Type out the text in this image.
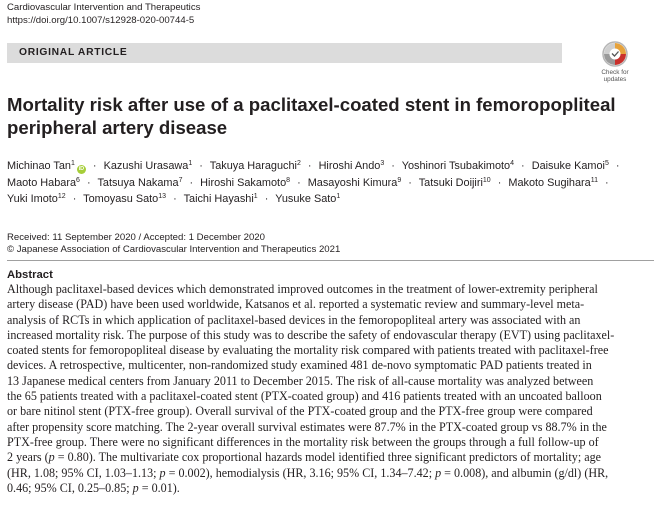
Cardiovascular Intervention and Therapeutics
https://doi.org/10.1007/s12928-020-00744-5
ORIGINAL ARTICLE
Check for
updates
Mortality risk after use of a paclitaxel-coated stent in femoropopliteal peripheral artery disease
Michinao Tan$^1$iD · Kazushi Urasawa$^1$ · Takuya Haraguchi$^2$ · Hiroshi Ando$^3$ · Yoshinori Tsubakimoto$^4$ · Daisuke Kamoi$^5$ · Maoto Habara$^6$ · Tatsuya Nakama$^7$ · Hiroshi Sakamoto$^8$ · Masayoshi Kimura$^9$ · Tatsuki Doijiri$^{10}$ · Makoto Sugihara$^{11}$ · Yuki Imoto$^{12}$ · Tomoyasu Sato$^{13}$ · Taichi Hayashi$^1$ · Yusuke Sato$^1$
Received: 11 September 2020 / Accepted: 1 December 2020
© Japanese Association of Cardiovascular Intervention and Therapeutics 2021
Abstract
Although paclitaxel-based devices which demonstrated improved outcomes in the treatment of lower-extremity peripheral
artery disease (PAD) have been used worldwide, Katsanos et al. reported a systematic review and summary-level meta-
analysis of RCTs in which application of paclitaxel-based devices in the femoropopliteal artery was associated with an
increased mortality risk. The purpose of this study was to describe the safety of endovascular therapy (EVT) using paclitaxel-
coated stents for femoropopliteal disease by evaluating the mortality risk compared with patients treated with paclitaxel-free
devices. A retrospective, multicenter, non-randomized study examined 481 de-novo symptomatic PAD patients treated in
13 Japanese medical centers from January 2011 to December 2015. The risk of all-cause mortality was analyzed between
the 65 patients treated with a paclitaxel-coated stent (PTX-coated group) and 416 patients treated with an uncoated balloon
or bare nitinol stent (PTX-free group). Overall survival of the PTX-coated group and the PTX-free group were compared
after propensity score matching. The 2-year overall survival estimates were 87.7% in the PTX-coated group vs 88.7% in the
PTX-free group. There were no significant differences in the mortality risk between the groups through a full follow-up of
2 years (p = 0.80). The multivariate cox proportional hazards model identified three significant predictors of mortality; age
(HR, 1.08; 95% CI, 1.03–1.13; p = 0.002), hemodialysis (HR, 3.16; 95% CI, 1.34–7.42; p = 0.008), and albumin (g/dl) (HR,
0.46; 95% CI, 0.25–0.85; p = 0.01).
